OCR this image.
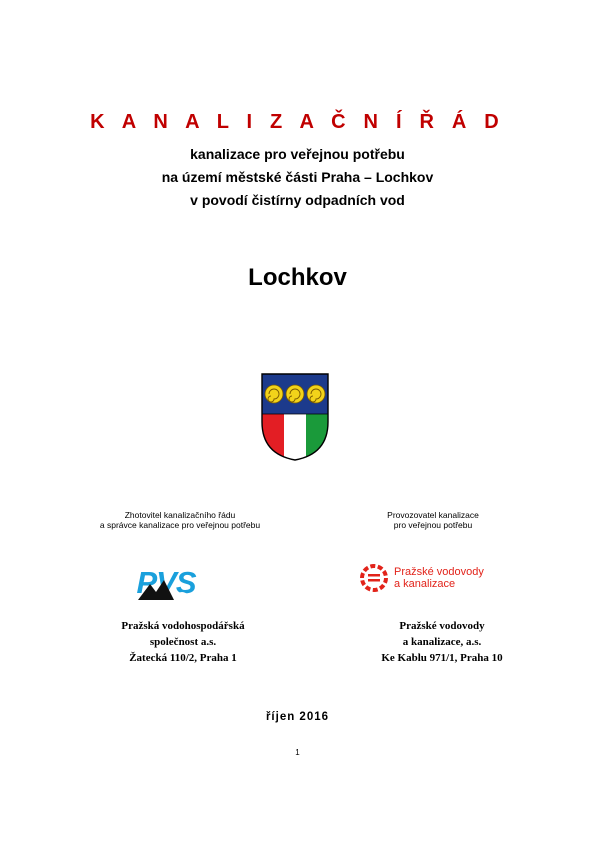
K A N A L I Z A Č N Í Ř Á D
kanalizace pro veřejnou potřebu
na území městské části Praha – Lochkov
v povodí čistírny odpadních vod
Lochkov
Zhotovitel kanalizačního řádu
a správce kanalizace pro veřejnou potřebu
PVS
Pražská vodohospodářská
společnost a.s.
Žatecká 110/2, Praha 1
Provozovatel kanalizace
pro veřejnou potřebu
Pražské vodovody
a kanalizace
Pražské vodovody
a kanalizace, a.s.
Ke Kablu 971/1, Praha 10
říjen 2016
1
